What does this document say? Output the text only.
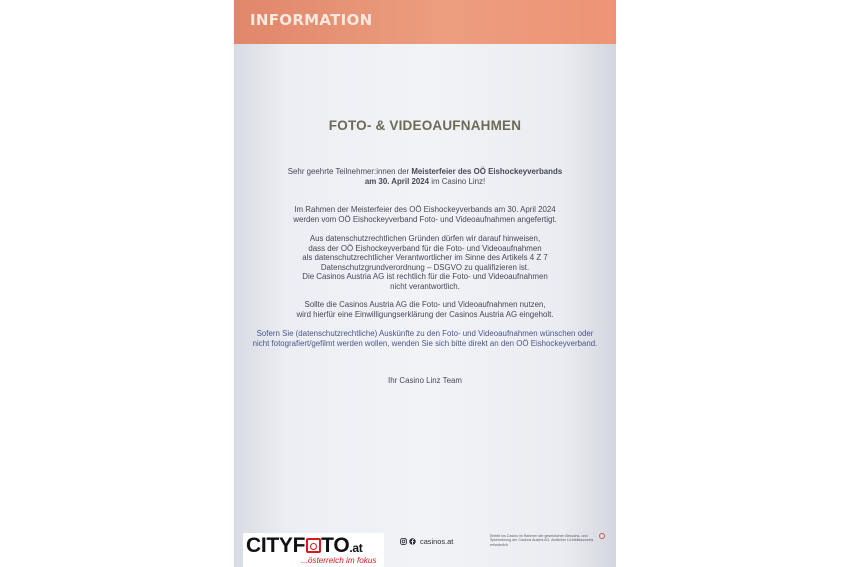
INFORMATION
FOTO- & VIDEOAUFNAHMEN
Sehr geehrte Teilnehmer:innen der Meisterfeier des OÖ Eishockeyverbands
am 30. April 2024 im Casino Linz!
Im Rahmen der Meisterfeier des OÖ Eishockeyverbands am 30. April 2024
werden vom OÖ Eishockeyverband Foto- und Videoaufnahmen angefertigt.
Aus datenschutzrechtlichen Gründen dürfen wir darauf hinweisen,
dass der OÖ Eishockeyverband für die Foto- und Videoaufnahmen
als datenschutzrechtlicher Verantwortlicher im Sinne des Artikels 4 Z 7
Datenschutzgrundverordnung – DSGVO zu qualifizieren ist.
Die Casinos Austria AG ist rechtlich für die Foto- und Videoaufnahmen
nicht verantwortlich.
Sollte die Casinos Austria AG die Foto- und Videoaufnahmen nutzen,
wird hierfür eine Einwilligungserklärung der Casinos Austria AG eingeholt.
Sofern Sie (datenschutzrechtliche) Auskünfte zu den Foto- und Videoaufnahmen wünschen oder
nicht fotografiert/gefilmt werden wollen, wenden Sie sich bitte direkt an den OÖ Eishockeyverband.
Ihr Casino Linz Team
casinos.at
Eintritt ins Casino im Rahmen der gesetzlichen Besuchs- und
Spielordnung der Casinos Austria AG. Amtlicher Lichtbildausweis
erforderlich.
CITYF TO.at
...österreich im fokus
